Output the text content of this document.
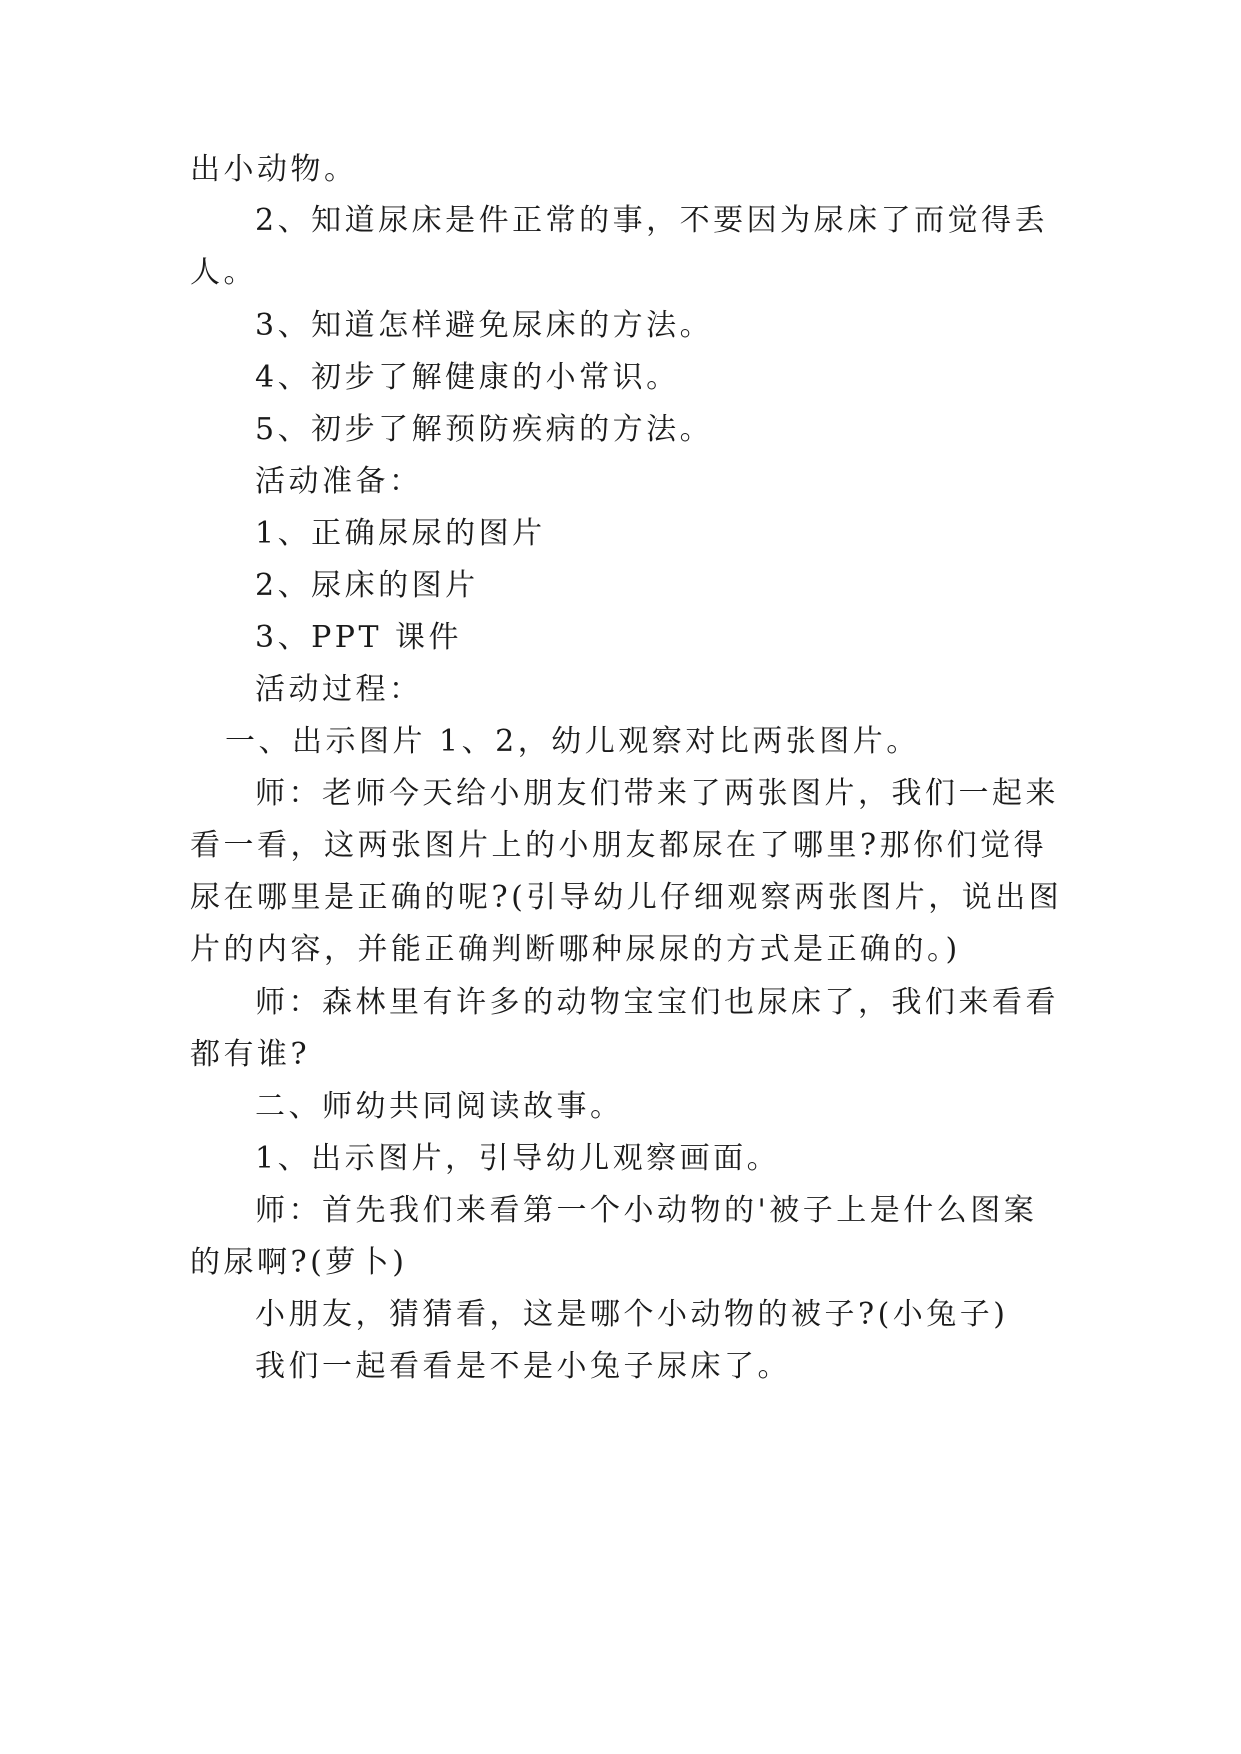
出小动物。
2、知道尿床是件正常的事，不要因为尿床了而觉得丢
人。
3、知道怎样避免尿床的方法。
4、初步了解健康的小常识。
5、初步了解预防疾病的方法。
活动准备：
1、正确尿尿的图片
2、尿床的图片
3、PPT 课件
活动过程：
一、出示图片 1、2，幼儿观察对比两张图片。
师：老师今天给小朋友们带来了两张图片，我们一起来
看一看，这两张图片上的小朋友都尿在了哪里?那你们觉得
尿在哪里是正确的呢?(引导幼儿仔细观察两张图片，说出图
片的内容，并能正确判断哪种尿尿的方式是正确的。)
师：森林里有许多的动物宝宝们也尿床了，我们来看看
都有谁?
二、师幼共同阅读故事。
1、出示图片，引导幼儿观察画面。
师：首先我们来看第一个小动物的'被子上是什么图案
的尿啊?(萝卜)
小朋友，猜猜看，这是哪个小动物的被子?(小兔子)
我们一起看看是不是小兔子尿床了。
